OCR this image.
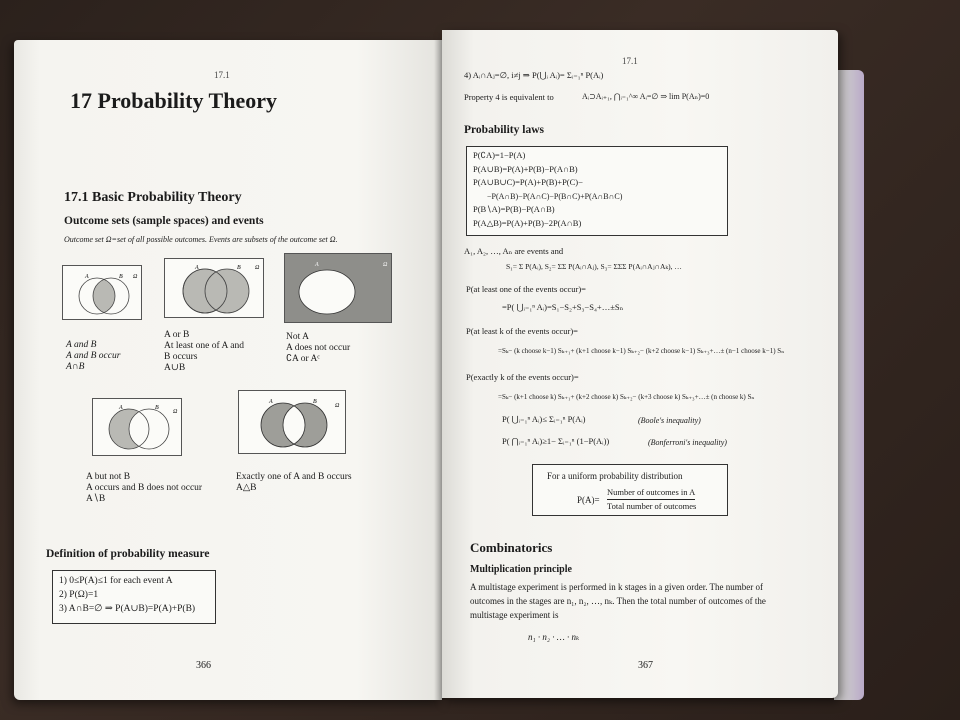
17.1
17 Probability Theory
17.1 Basic Probability Theory
Outcome sets (sample spaces) and events
Outcome set Ω=set of all possible outcomes. Events are subsets of the outcome set Ω.
A	B Ω
A	B Ω	A	Ω
A and B
A and B occur
A∩B
A or B
At least one of A and
B occurs
A∪B
Not A
A does not occur
∁A or Aᶜ
A	B
Ω
A	B
Ω
A but not B
A occurs and B does not occur
A∖B
Exactly one of A and B occurs
A△B
Definition of probability measure
1) 0≤P(A)≤1 for each event A
2) P(Ω)=1
3) A∩B=∅ ⇒ P(A∪B)=P(A)+P(B)
366
17.1
4) Aᵢ∩Aⱼ=∅, i≠j ⇒ P(⋃ᵢ Aᵢ)= Σᵢ₌₁ⁿ P(Aᵢ)
Property 4 is equivalent to	Aᵢ⊃Aᵢ₊₁, ⋂ᵢ₌₁^∞ Aᵢ=∅ ⇒ lim P(Aₙ)=0
Probability laws
P(∁A)=1−P(A)
P(A∪B)=P(A)+P(B)−P(A∩B)
P(A∪B∪C)=P(A)+P(B)+P(C)−
−P(A∩B)−P(A∩C)−P(B∩C)+P(A∩B∩C)
P(B∖A)=P(B)−P(A∩B)
P(A△B)=P(A)+P(B)−2P(A∩B)
A₁, A₂, …, Aₙ are events and
S₁= Σ P(Aᵢ), S₂= ΣΣ P(Aᵢ∩Aⱼ), S₃= ΣΣΣ P(Aᵢ∩Aⱼ∩Aₖ), …
P(at least one of the events occur)=
=P( ⋃ᵢ₌₁ⁿ Aᵢ)=S₁−S₂+S₃−S₄+…±Sₙ
P(at least k of the events occur)=
=Sₖ− (k choose k−1) Sₖ₊₁+ (k+1 choose k−1) Sₖ₊₂− (k+2 choose k−1) Sₖ₊₃+…± (n−1 choose k−1) Sₙ
P(exactly k of the events occur)=
=Sₖ− (k+1 choose k) Sₖ₊₁+ (k+2 choose k) Sₖ₊₂− (k+3 choose k) Sₖ₊₃+…± (n choose k) Sₙ
P( ⋃ᵢ₌₁ⁿ Aᵢ)≤ Σᵢ₌₁ⁿ P(Aᵢ)	(Boole's inequality)
P( ⋂ᵢ₌₁ⁿ Aᵢ)≥1− Σᵢ₌₁ⁿ (1−P(Aᵢ))	(Bonferroni's inequality)
For a uniform probability distribution
P(A)=
Number of outcomes in A
Total number of outcomes
Combinatorics
Multiplication principle
A multistage experiment is performed in k stages in a given order. The number of
outcomes in the stages are n₁, n₂, …, nₖ. Then the total number of outcomes of the
multistage experiment is
n₁ · n₂ · … · nₖ
367
